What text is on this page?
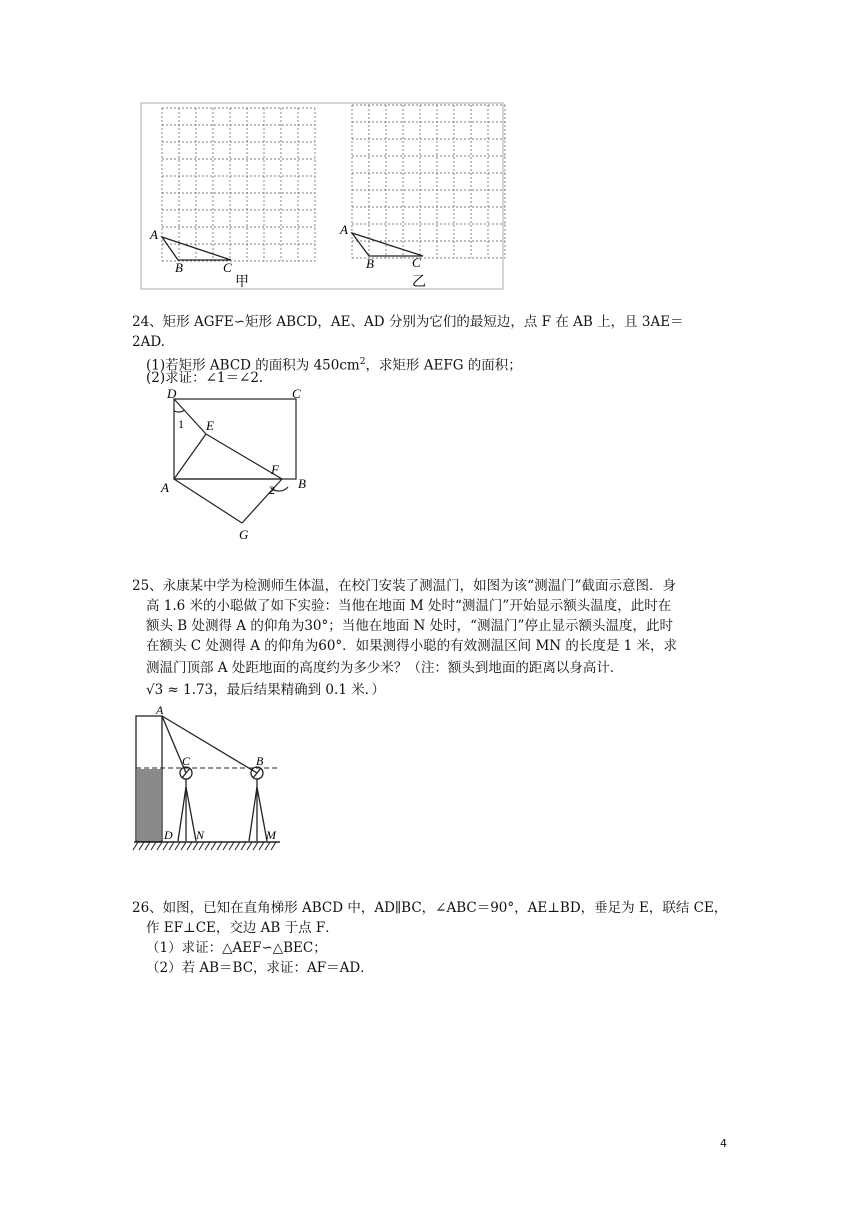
A
B	C
甲
A
B	C
乙
24、矩形 AGFE∽矩形 ABCD，AE、AD 分别为它们的最短边，点 F 在 AB 上，且 3AE＝
2AD.
(1)若矩形 ABCD 的面积为 $450cm^2$，求矩形 AEFG 的面积；
(2)求证：∠1＝∠2.
D	C
E
1
F
A	2 B
G
25、永康某中学为检测师生体温，在校门安装了测温门，如图为该“测温门”截面示意图．身
高 1.6 米的小聪做了如下实验：当他在地面 M 处时“测温门”开始显示额头温度，此时在
额头 B 处测得 A 的仰角为30°；当他在地面 N 处时，“测温门”停止显示额头温度，此时
在额头 C 处测得 A 的仰角为60°．如果测得小聪的有效测温区间 MN 的长度是 1 米，求
测温门顶部 A 处距地面的高度约为多少米？（注：额头到地面的距离以身高计．
√3 ≈ 1.73，最后结果精确到 0.1 米．）
A
C	B
D N	M
26、如图，已知在直角梯形 ABCD 中，AD∥BC，∠ABC＝90°，AE⊥BD，垂足为 E，联结 CE，
作 EF⊥CE，交边 AB 于点 F．
（1）求证：△AEF∽△BEC；
（2）若 AB＝BC，求证：AF＝AD．
4
